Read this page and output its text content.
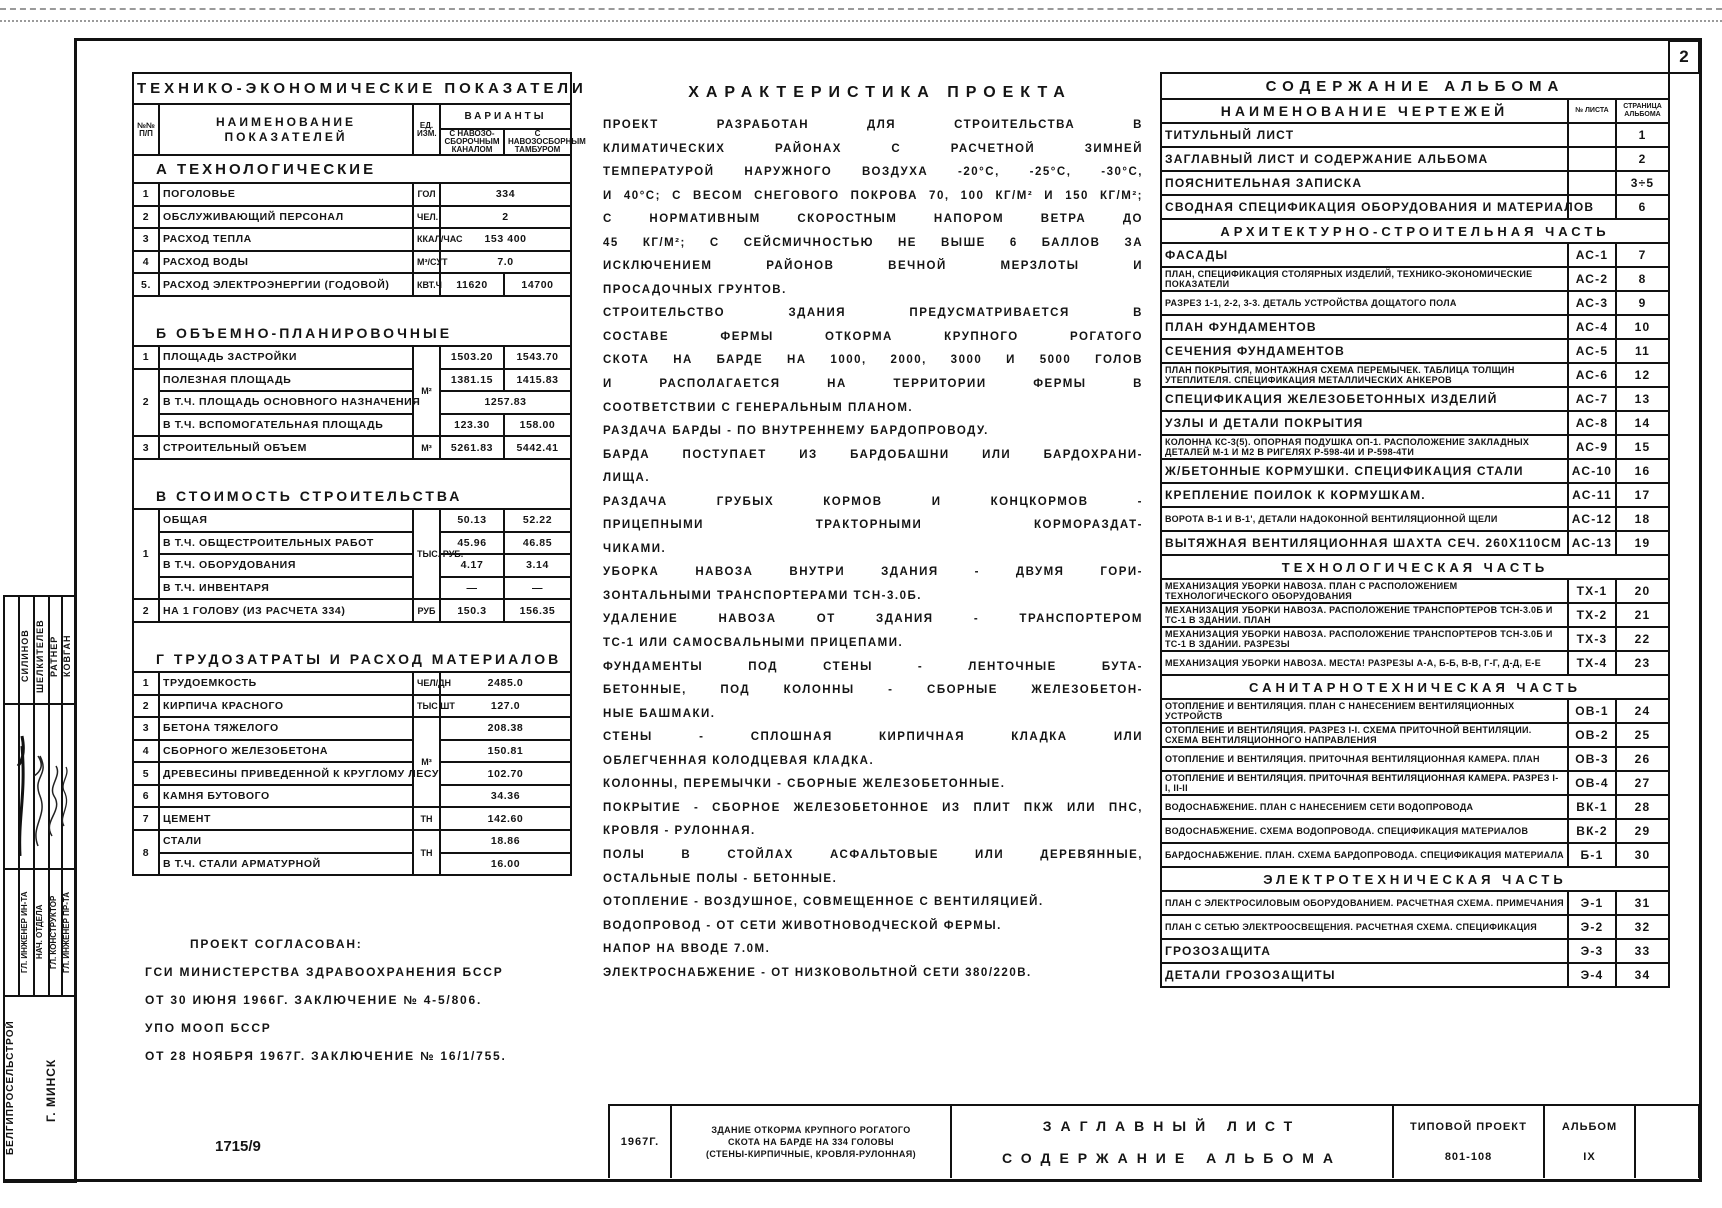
2
ТЕХНИКО-ЭКОНОМИЧЕСКИЕ ПОКАЗАТЕЛИ				
№№ П/П	НАИМЕНОВАНИЕ ПОКАЗАТЕЛЕЙ	ЕД. ИЗМ.	ВАРИАНТЫ	
			С НАВОЗО-СБОРОЧНЫМ КАНАЛОМ	С НАВОЗОСБОРНЫМ ТАМБУРОМ
А ТЕХНОЛОГИЧЕСКИЕ				
1	ПОГОЛОВЬЕ	ГОЛ	334	
2	ОБСЛУЖИВАЮЩИЙ ПЕРСОНАЛ	ЧЕЛ.	2	
3	РАСХОД ТЕПЛА	ККАЛ/ЧАС	153 400	
4	РАСХОД ВОДЫ	М³/СУТ	7.0	
5.	РАСХОД ЭЛЕКТРОЭНЕРГИИ (ГОДОВОЙ)	КВТ.Ч	11620	14700
Б ОБЪЕМНО-ПЛАНИРОВОЧНЫЕ				
1	ПЛОЩАДЬ ЗАСТРОЙКИ	М²	1503.20	1543.70
2	ПОЛЕЗНАЯ ПЛОЩАДЬ		1381.15	1415.83
	В Т.Ч. ПЛОЩАДЬ ОСНОВНОГО НАЗНАЧЕНИЯ		1257.83	
	В Т.Ч. ВСПОМОГАТЕЛЬНАЯ ПЛОЩАДЬ		123.30	158.00
3	СТРОИТЕЛЬНЫЙ ОБЪЕМ	М³	5261.83	5442.41
В СТОИМОСТЬ СТРОИТЕЛЬСТВА				
1	ОБЩАЯ	ТЫС. РУБ.	50.13	52.22
	В Т.Ч. ОБЩЕСТРОИТЕЛЬНЫХ РАБОТ		45.96	46.85
	В Т.Ч. ОБОРУДОВАНИЯ		4.17	3.14
	В Т.Ч. ИНВЕНТАРЯ		—	—
2	НА 1 ГОЛОВУ (ИЗ РАСЧЕТА 334)	РУБ	150.3	156.35
Г ТРУДОЗАТРАТЫ И РАСХОД МАТЕРИАЛОВ				
1	ТРУДОЕМКОСТЬ	ЧЕЛ/ДН	2485.0	
2	КИРПИЧА КРАСНОГО	ТЫС ШТ	127.0	
3	БЕТОНА ТЯЖЕЛОГО	М³	208.38	
4	СБОРНОГО ЖЕЛЕЗОБЕТОНА		150.81	
5	ДРЕВЕСИНЫ ПРИВЕДЕННОЙ К КРУГЛОМУ ЛЕСУ		102.70	
6	КАМНЯ БУТОВОГО		34.36	
7	ЦЕМЕНТ	ТН	142.60	
8	СТАЛИ	ТН	18.86	
	В Т.Ч. СТАЛИ АРМАТУРНОЙ		16.00	
ХАРАКТЕРИСТИКА ПРОЕКТА
ПРОЕКТ РАЗРАБОТАН ДЛЯ СТРОИТЕЛЬСТВА В
КЛИМАТИЧЕСКИХ РАЙОНАХ С РАСЧЕТНОЙ ЗИМНЕЙ
ТЕМПЕРАТУРОЙ НАРУЖНОГО ВОЗДУХА -20°С, -25°С, -30°С,
И 40°С; С ВЕСОМ СНЕГОВОГО ПОКРОВА 70, 100 КГ/М² И 150 КГ/М²;
С НОРМАТИВНЫМ СКОРОСТНЫМ НАПОРОМ ВЕТРА ДО
45 КГ/М²; С СЕЙСМИЧНОСТЬЮ НЕ ВЫШЕ 6 БАЛЛОВ ЗА
ИСКЛЮЧЕНИЕМ РАЙОНОВ ВЕЧНОЙ МЕРЗЛОТЫ И
ПРОСАДОЧНЫХ ГРУНТОВ.
СТРОИТЕЛЬСТВО ЗДАНИЯ ПРЕДУСМАТРИВАЕТСЯ В
СОСТАВЕ ФЕРМЫ ОТКОРМА КРУПНОГО РОГАТОГО
СКОТА НА БАРДЕ НА 1000, 2000, 3000 И 5000 ГОЛОВ
И РАСПОЛАГАЕТСЯ НА ТЕРРИТОРИИ ФЕРМЫ В
СООТВЕТСТВИИ С ГЕНЕРАЛЬНЫМ ПЛАНОМ.
РАЗДАЧА БАРДЫ - ПО ВНУТРЕННЕМУ БАРДОПРОВОДУ.
БАРДА ПОСТУПАЕТ ИЗ БАРДОБАШНИ ИЛИ БАРДОХРАНИ-
ЛИЩА.
РАЗДАЧА ГРУБЫХ КОРМОВ И КОНЦКОРМОВ -
ПРИЦЕПНЫМИ ТРАКТОРНЫМИ КОРМОРАЗДАТ-
ЧИКАМИ.
УБОРКА НАВОЗА ВНУТРИ ЗДАНИЯ - ДВУМЯ ГОРИ-
ЗОНТАЛЬНЫМИ ТРАНСПОРТЕРАМИ ТСН-3.0Б.
УДАЛЕНИЕ НАВОЗА ОТ ЗДАНИЯ - ТРАНСПОРТЕРОМ
ТС-1 ИЛИ САМОСВАЛЬНЫМИ ПРИЦЕПАМИ.
ФУНДАМЕНТЫ ПОД СТЕНЫ - ЛЕНТОЧНЫЕ БУТА-
БЕТОННЫЕ, ПОД КОЛОННЫ - СБОРНЫЕ ЖЕЛЕЗОБЕТОН-
НЫЕ БАШМАКИ.
СТЕНЫ - СПЛОШНАЯ КИРПИЧНАЯ КЛАДКА ИЛИ
ОБЛЕГЧЕННАЯ КОЛОДЦЕВАЯ КЛАДКА.
КОЛОННЫ, ПЕРЕМЫЧКИ - СБОРНЫЕ ЖЕЛЕЗОБЕТОННЫЕ.
ПОКРЫТИЕ - СБОРНОЕ ЖЕЛЕЗОБЕТОННОЕ ИЗ ПЛИТ ПКЖ ИЛИ ПНС,
КРОВЛЯ - РУЛОННАЯ.
ПОЛЫ В СТОЙЛАХ АСФАЛЬТОВЫЕ ИЛИ ДЕРЕВЯННЫЕ,
ОСТАЛЬНЫЕ ПОЛЫ - БЕТОННЫЕ.
ОТОПЛЕНИЕ - ВОЗДУШНОЕ, СОВМЕЩЕННОЕ С ВЕНТИЛЯЦИЕЙ.
ВОДОПРОВОД - ОТ СЕТИ ЖИВОТНОВОДЧЕСКОЙ ФЕРМЫ.
НАПОР НА ВВОДЕ 7.0М.
ЭЛЕКТРОСНАБЖЕНИЕ - ОТ НИЗКОВОЛЬТНОЙ СЕТИ 380/220В.
СОДЕРЖАНИЕ АЛЬБОМА		
НАИМЕНОВАНИЕ ЧЕРТЕЖЕЙ	№ ЛИСТА	СТРАНИЦА АЛЬБОМА
ТИТУЛЬНЫЙ ЛИСТ		1
ЗАГЛАВНЫЙ ЛИСТ И СОДЕРЖАНИЕ АЛЬБОМА		2
ПОЯСНИТЕЛЬНАЯ ЗАПИСКА		3÷5
СВОДНАЯ СПЕЦИФИКАЦИЯ ОБОРУДОВАНИЯ И МАТЕРИАЛОВ		6
АРХИТЕКТУРНО-СТРОИТЕЛЬНАЯ ЧАСТЬ		
ФАСАДЫ	АС-1	7
ПЛАН, СПЕЦИФИКАЦИЯ СТОЛЯРНЫХ ИЗДЕЛИЙ, ТЕХНИКО-ЭКОНОМИЧЕСКИЕ ПОКАЗАТЕЛИ	АС-2	8
РАЗРЕЗ 1-1, 2-2, 3-3. ДЕТАЛЬ УСТРОЙСТВА ДОЩАТОГО ПОЛА	АС-3	9
ПЛАН ФУНДАМЕНТОВ	АС-4	10
СЕЧЕНИЯ ФУНДАМЕНТОВ	АС-5	11
ПЛАН ПОКРЫТИЯ, МОНТАЖНАЯ СХЕМА ПЕРЕМЫЧЕК. ТАБЛИЦА ТОЛЩИН УТЕПЛИТЕЛЯ. СПЕЦИФИКАЦИЯ МЕТАЛЛИЧЕСКИХ АНКЕРОВ	АС-6	12
СПЕЦИФИКАЦИЯ ЖЕЛЕЗОБЕТОННЫХ ИЗДЕЛИЙ	АС-7	13
УЗЛЫ И ДЕТАЛИ ПОКРЫТИЯ	АС-8	14
КОЛОННА КС-3(5). ОПОРНАЯ ПОДУШКА ОП-1. РАСПОЛОЖЕНИЕ ЗАКЛАДНЫХ ДЕТАЛЕЙ М-1 И М2 В РИГЕЛЯХ Р-598-4И И Р-598-4ТИ	АС-9	15
Ж/БЕТОННЫЕ КОРМУШКИ. СПЕЦИФИКАЦИЯ СТАЛИ	АС-10	16
КРЕПЛЕНИЕ ПОИЛОК К КОРМУШКАМ.	АС-11	17
ВОРОТА В-1 И В-1', ДЕТАЛИ НАДОКОННОЙ ВЕНТИЛЯЦИОННОЙ ЩЕЛИ	АС-12	18
ВЫТЯЖНАЯ ВЕНТИЛЯЦИОННАЯ ШАХТА СЕЧ. 260X110СМ	АС-13	19
ТЕХНОЛОГИЧЕСКАЯ ЧАСТЬ		
МЕХАНИЗАЦИЯ УБОРКИ НАВОЗА. ПЛАН С РАСПОЛОЖЕНИЕМ ТЕХНОЛОГИЧЕСКОГО ОБОРУДОВАНИЯ	ТХ-1	20
МЕХАНИЗАЦИЯ УБОРКИ НАВОЗА. РАСПОЛОЖЕНИЕ ТРАНСПОРТЕРОВ ТСН-3.0Б И ТС-1 В ЗДАНИИ. ПЛАН	ТХ-2	21
МЕХАНИЗАЦИЯ УБОРКИ НАВОЗА. РАСПОЛОЖЕНИЕ ТРАНСПОРТЕРОВ ТСН-3.0Б И ТС-1 В ЗДАНИИ. РАЗРЕЗЫ	ТХ-3	22
МЕХАНИЗАЦИЯ УБОРКИ НАВОЗА. МЕСТА! РАЗРЕЗЫ А-А, Б-Б, В-В, Г-Г, Д-Д, Е-Е	ТХ-4	23
САНИТАРНОТЕХНИЧЕСКАЯ ЧАСТЬ		
ОТОПЛЕНИЕ И ВЕНТИЛЯЦИЯ. ПЛАН С НАНЕСЕНИЕМ ВЕНТИЛЯЦИОННЫХ УСТРОЙСТВ	ОВ-1	24
ОТОПЛЕНИЕ И ВЕНТИЛЯЦИЯ. РАЗРЕЗ I-I. СХЕМА ПРИТОЧНОЙ ВЕНТИЛЯЦИИ. СХЕМА ВЕНТИЛЯЦИОННОГО НАПРАВЛЕНИЯ	ОВ-2	25
ОТОПЛЕНИЕ И ВЕНТИЛЯЦИЯ. ПРИТОЧНАЯ ВЕНТИЛЯЦИОННАЯ КАМЕРА. ПЛАН	ОВ-3	26
ОТОПЛЕНИЕ И ВЕНТИЛЯЦИЯ. ПРИТОЧНАЯ ВЕНТИЛЯЦИОННАЯ КАМЕРА. РАЗРЕЗ I-I, II-II	ОВ-4	27
ВОДОСНАБЖЕНИЕ. ПЛАН С НАНЕСЕНИЕМ СЕТИ ВОДОПРОВОДА	ВК-1	28
ВОДОСНАБЖЕНИЕ. СХЕМА ВОДОПРОВОДА. СПЕЦИФИКАЦИЯ МАТЕРИАЛОВ	ВК-2	29
БАРДОСНАБЖЕНИЕ. ПЛАН. СХЕМА БАРДОПРОВОДА. СПЕЦИФИКАЦИЯ МАТЕРИАЛА	Б-1	30
ЭЛЕКТРОТЕХНИЧЕСКАЯ ЧАСТЬ		
ПЛАН С ЭЛЕКТРОСИЛОВЫМ ОБОРУДОВАНИЕМ. РАСЧЕТНАЯ СХЕМА. ПРИМЕЧАНИЯ	Э-1	31
ПЛАН С СЕТЬЮ ЭЛЕКТРООСВЕЩЕНИЯ. РАСЧЕТНАЯ СХЕМА. СПЕЦИФИКАЦИЯ	Э-2	32
ГРОЗОЗАЩИТА	Э-3	33
ДЕТАЛИ ГРОЗОЗАЩИТЫ	Э-4	34
ПРОЕКТ СОГЛАСОВАН:
ГСИ МИНИСТЕРСТВА ЗДРАВООХРАНЕНИЯ БССР
ОТ 30 ИЮНЯ 1966Г. ЗАКЛЮЧЕНИЕ № 4-5/806.
УПО МООП БССР
ОТ 28 НОЯБРЯ 1967Г. ЗАКЛЮЧЕНИЕ № 16/1/755.
1715/9	1967Г.	
ЗДАНИЕ ОТКОРМА КРУПНОГО РОГАТОГО
СКОТА НА БАРДЕ НА 334 ГОЛОВЫ
(СТЕНЫ-КИРПИЧНЫЕ, КРОВЛЯ-РУЛОННАЯ)

ЗАГЛАВНЫЙ ЛИСТ
СОДЕРЖАНИЕ АЛЬБОМА

ТИПОВОЙ ПРОЕКТ
801-108

АЛЬБОМ
IX

СИЛИНОВ ШЕЛКИТЕЛЕВ РАТНЕР КОВГАН
ГЛ. ИНЖЕНЕР ИН-ТА НАЧ. ОТДЕЛА ГЛ. КОНСТРУКТОР ГЛ. ИНЖЕНЕР ПР-ТА
БЕЛГИПРОСЕЛЬСТРОЙ Г. МИНСК
